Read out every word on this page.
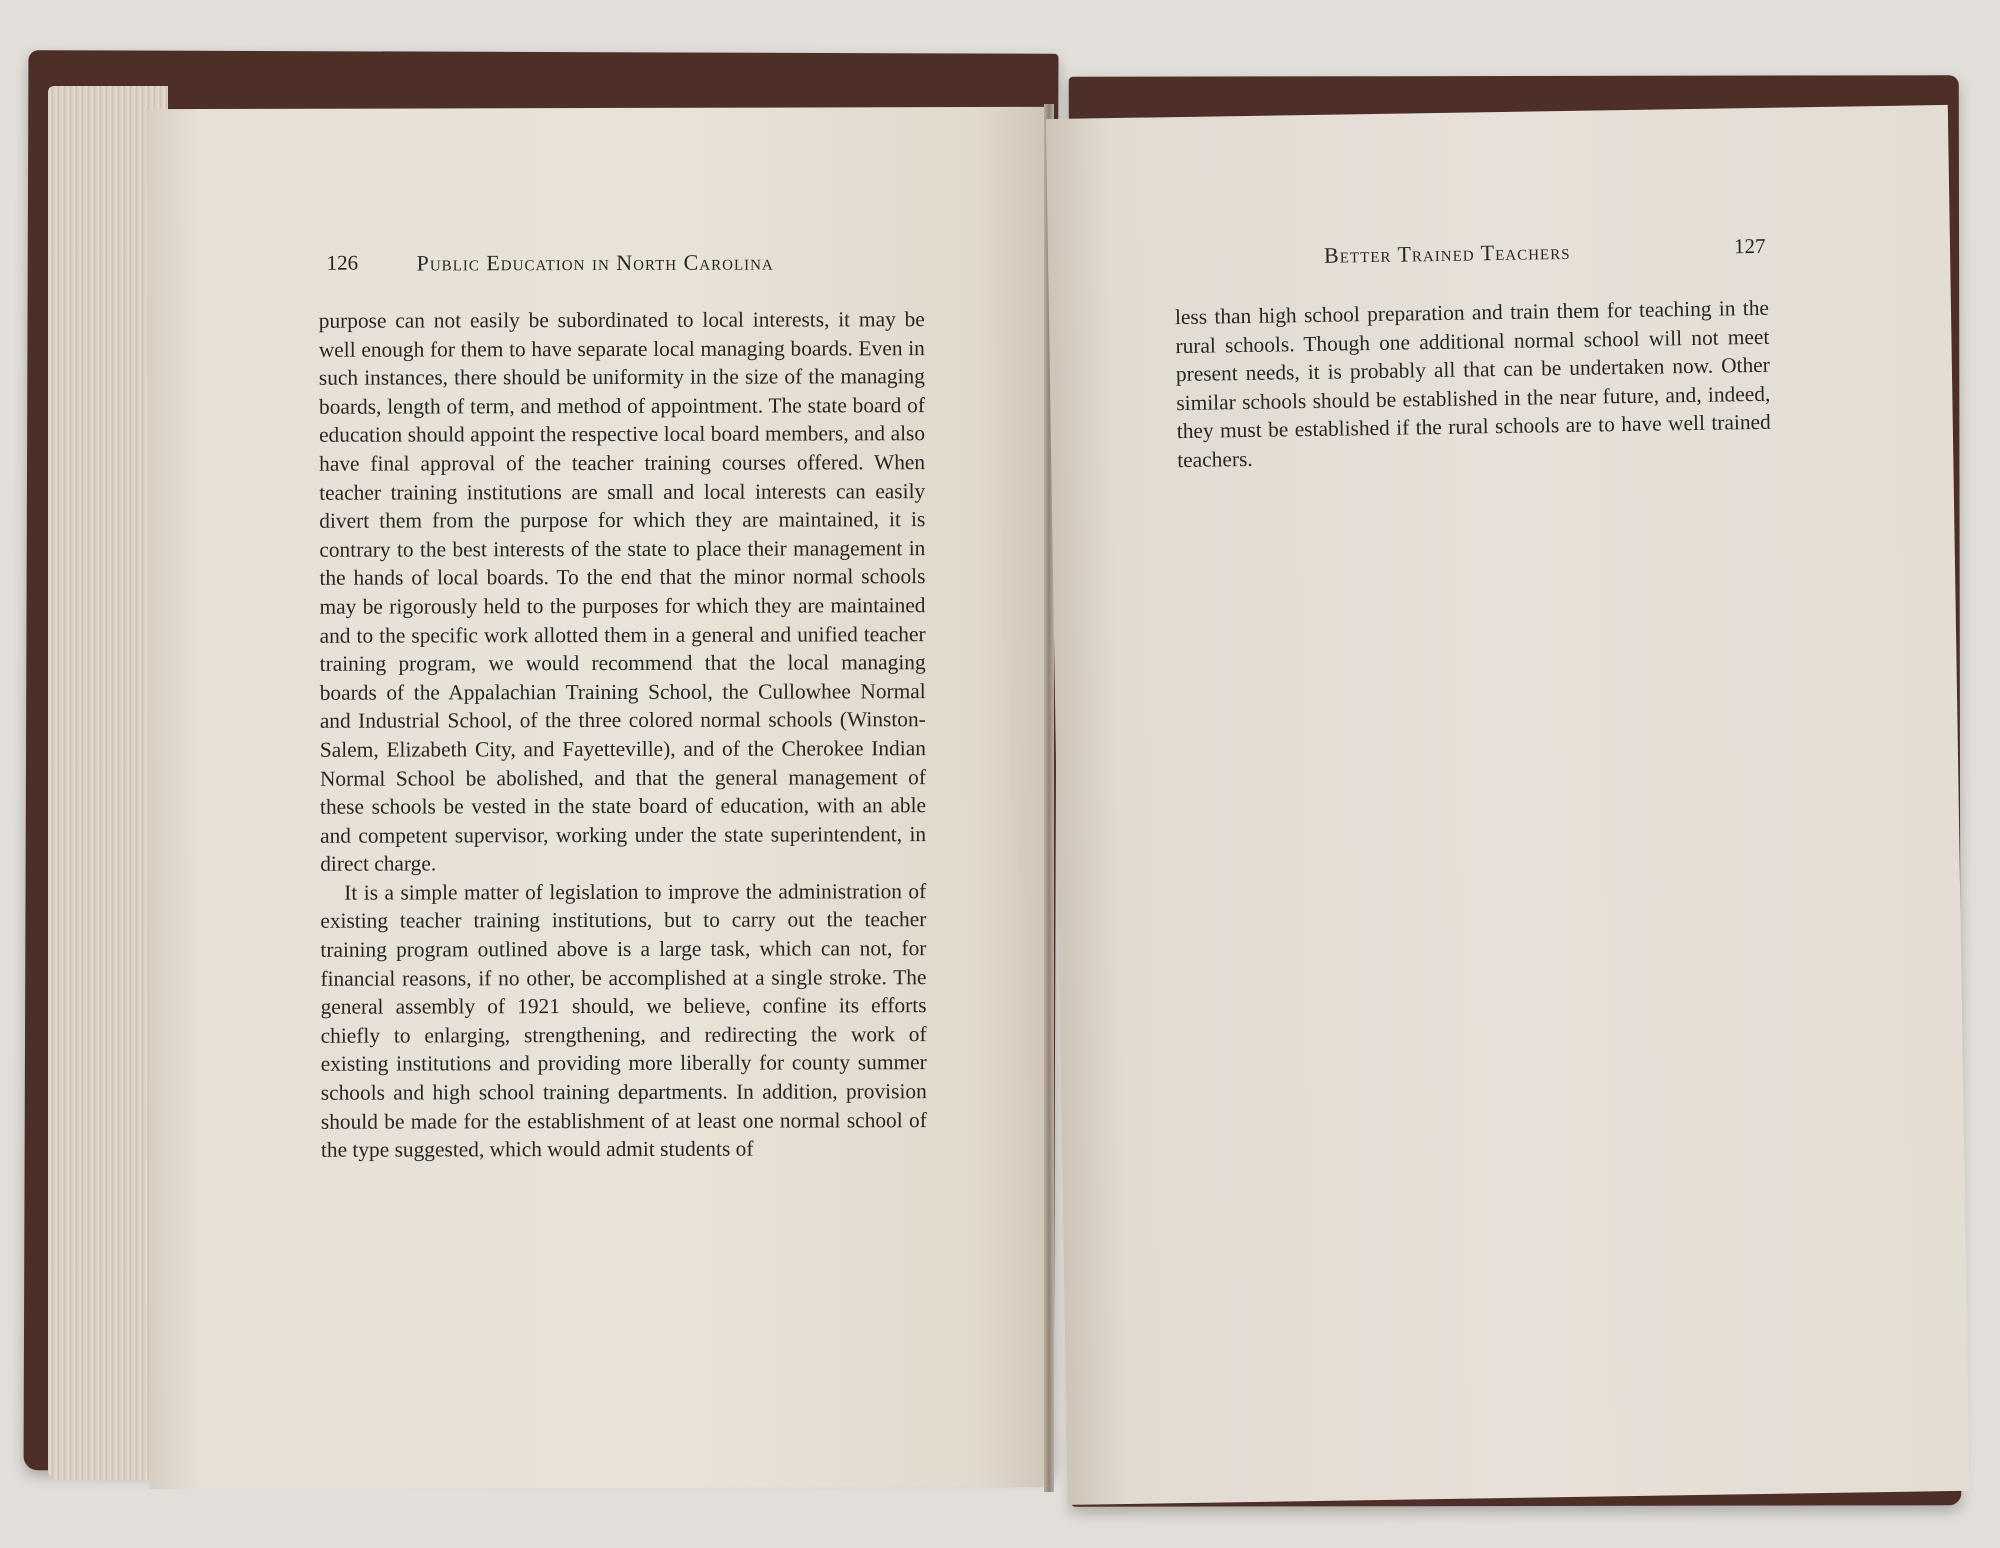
126	Public Education in North Carolina

purpose can not easily be subordinated to local interests, it may be well enough for them to have separate local managing boards. Even in such instances, there should be uniformity in the size of the managing boards, length of term, and method of appointment. The state board of education should appoint the respective local board members, and also have final approval of the teacher training courses offered. When teacher training institutions are small and local interests can easily divert them from the purpose for which they are maintained, it is contrary to the best interests of the state to place their management in the hands of local boards. To the end that the minor normal schools may be rigorously held to the purposes for which they are maintained and to the specific work allotted them in a general and unified teacher training program, we would recommend that the local managing boards of the Appalachian Training School, the Cullowhee Normal and Industrial School, of the three colored normal schools (Winston-Salem, Elizabeth City, and Fayetteville), and of the Cherokee Indian Normal School be abolished, and that the general management of these schools be vested in the state board of education, with an able and competent supervisor, working under the state superintendent, in direct charge.

It is a simple matter of legislation to improve the administration of existing teacher training institutions, but to carry out the teacher training program outlined above is a large task, which can not, for financial reasons, if no other, be accomplished at a single stroke. The general assembly of 1921 should, we believe, confine its efforts chiefly to enlarging, strengthening, and redirecting the work of existing institutions and providing more liberally for county summer schools and high school training departments. In addition, provision should be made for the establishment of at least one normal school of the type suggested, which would admit students of

Better Trained Teachers	127

less than high school preparation and train them for teaching in the rural schools. Though one additional normal school will not meet present needs, it is probably all that can be undertaken now. Other similar schools should be established in the near future, and, indeed, they must be established if the rural schools are to have well trained teachers.
